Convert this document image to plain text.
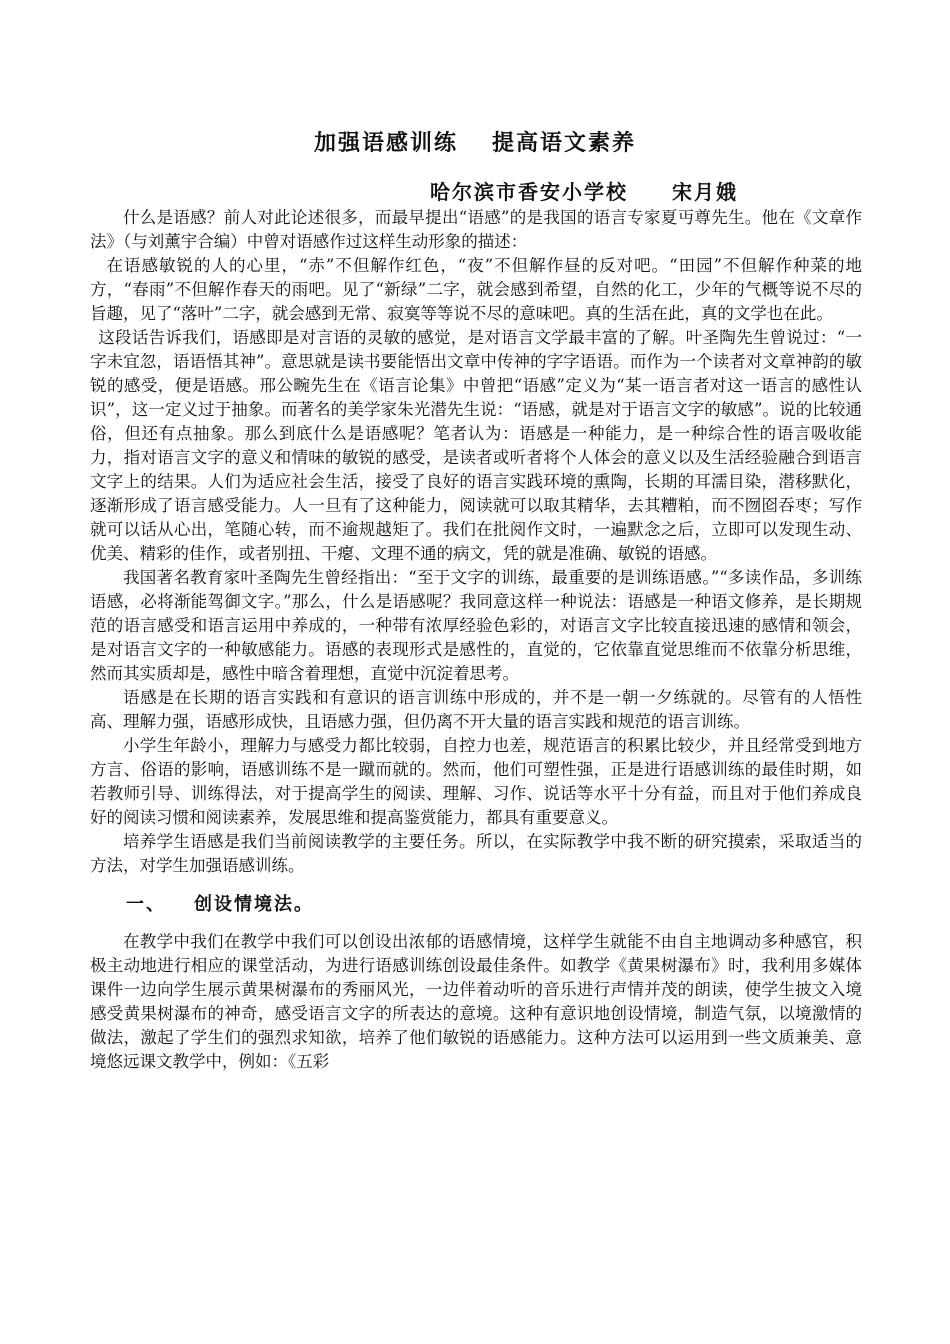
加强语感训练 提高语文素养
哈尔滨市香安小学校 宋月娥

什么是语感？前人对此论述很多，而最早提出“语感”的是我国的语言专家夏丏尊先生。他在《文章作法》（与刘薰宇合编）中曾对语感作过这样生动形象的描述：

在语感敏锐的人的心里，“赤”不但解作红色，“夜”不但解作昼的反对吧。“田园”不但解作种菜的地方，“春雨”不但解作春天的雨吧。见了“新绿”二字，就会感到希望，自然的化工，少年的气概等说不尽的旨趣，见了“落叶”二字，就会感到无常、寂寞等等说不尽的意味吧。真的生活在此，真的文学也在此。

这段话告诉我们，语感即是对言语的灵敏的感觉，是对语言文学最丰富的了解。叶圣陶先生曾说过：“一字未宜忽，语语悟其神”。意思就是读书要能悟出文章中传神的字字语语。而作为一个读者对文章神韵的敏锐的感受，便是语感。邢公畹先生在《语言论集》中曾把“语感”定义为“某一语言者对这一语言的感性认识”，这一定义过于抽象。而著名的美学家朱光潜先生说：“语感，就是对于语言文字的敏感”。说的比较通俗，但还有点抽象。那么到底什么是语感呢？笔者认为：语感是一种能力，是一种综合性的语言吸收能力，指对语言文字的意义和情味的敏锐的感受，是读者或听者将个人体会的意义以及生活经验融合到语言文字上的结果。人们为适应社会生活，接受了良好的语言实践环境的熏陶，长期的耳濡目染，潜移默化，逐渐形成了语言感受能力。人一旦有了这种能力，阅读就可以取其精华，去其糟粕，而不囫囵吞枣；写作就可以话从心出，笔随心转，而不逾规越矩了。我们在批阅作文时，一遍默念之后，立即可以发现生动、优美、精彩的佳作，或者别扭、干瘪、文理不通的病文，凭的就是准确、敏锐的语感。

我国著名教育家叶圣陶先生曾经指出：“至于文字的训练，最重要的是训练语感。”“多读作品，多训练语感，必将渐能驾御文字。”那么，什么是语感呢？我同意这样一种说法：语感是一种语文修养，是长期规范的语言感受和语言运用中养成的，一种带有浓厚经验色彩的，对语言文字比较直接迅速的感情和领会，是对语言文字的一种敏感能力。语感的表现形式是感性的，直觉的，它依靠直觉思维而不依靠分析思维，然而其实质却是，感性中暗含着理想，直觉中沉淀着思考。

语感是在长期的语言实践和有意识的语言训练中形成的，并不是一朝一夕练就的。尽管有的人悟性高、理解力强，语感形成快，且语感力强，但仍离不开大量的语言实践和规范的语言训练。

小学生年龄小，理解力与感受力都比较弱，自控力也差，规范语言的积累比较少，并且经常受到地方方言、俗语的影响，语感训练不是一蹴而就的。然而，他们可塑性强，正是进行语感训练的最佳时期，如若教师引导、训练得法，对于提高学生的阅读、理解、习作、说话等水平十分有益，而且对于他们养成良好的阅读习惯和阅读素养，发展思维和提高鉴赏能力，都具有重要意义。

培养学生语感是我们当前阅读教学的主要任务。所以，在实际教学中我不断的研究摸索，采取适当的方法，对学生加强语感训练。

一、 创设情境法。

在教学中我们在教学中我们可以创设出浓郁的语感情境，这样学生就能不由自主地调动多种感官，积极主动地进行相应的课堂活动，为进行语感训练创设最佳条件。如教学《黄果树瀑布》时，我利用多媒体课件一边向学生展示黄果树瀑布的秀丽风光，一边伴着动听的音乐进行声情并茂的朗读，使学生披文入境感受黄果树瀑布的神奇，感受语言文字的所表达的意境。这种有意识地创设情境，制造气氛，以境激情的做法，激起了学生们的强烈求知欲，培养了他们敏锐的语感能力。这种方法可以运用到一些文质兼美、意境悠远课文教学中，例如：《五彩
